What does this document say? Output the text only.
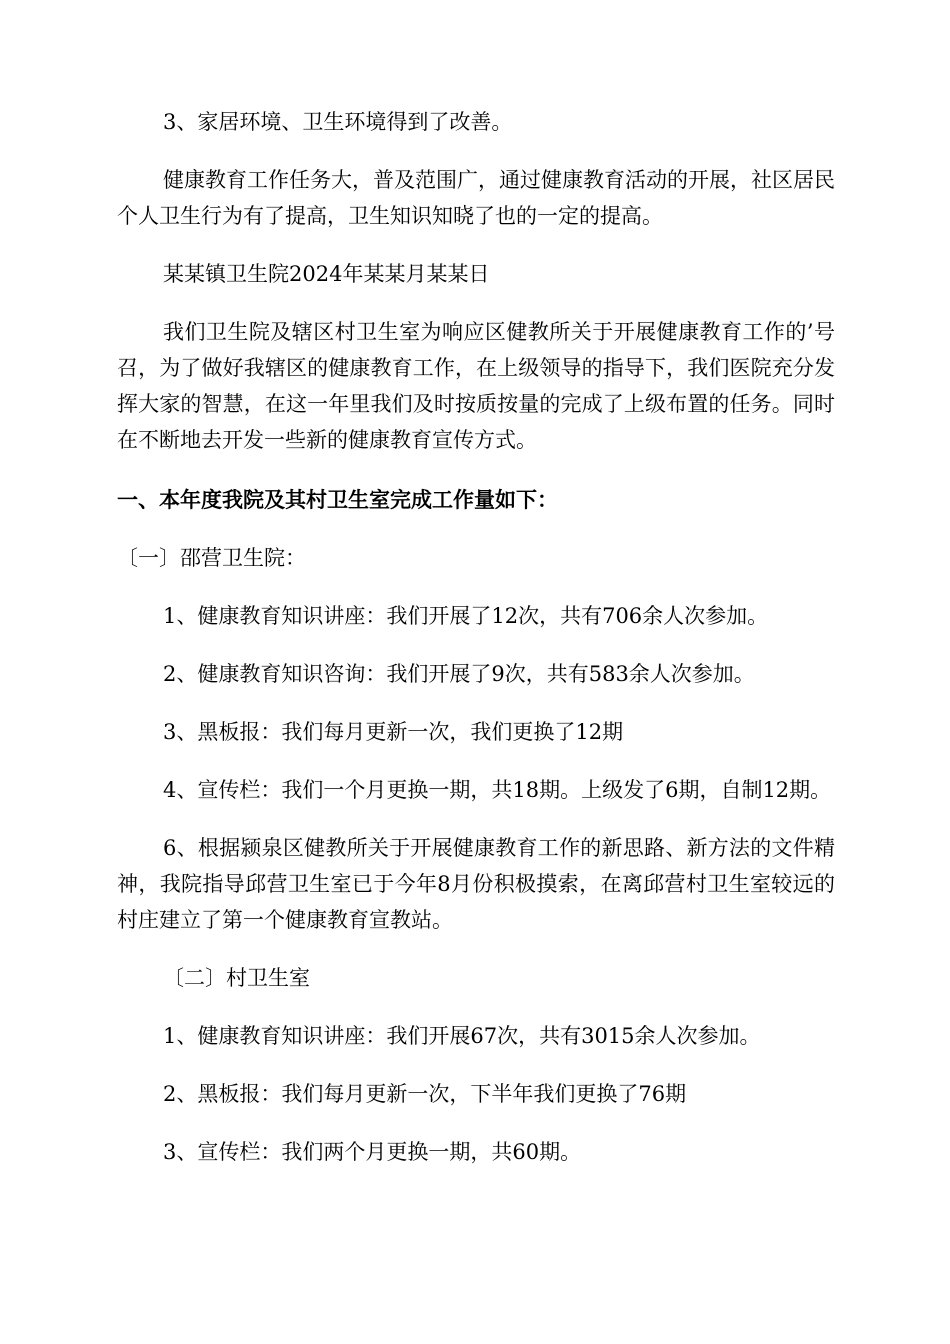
3、家居环境、卫生环境得到了改善。

健康教育工作任务大，普及范围广，通过健康教育活动的开展，社区居民个人卫生行为有了提高，卫生知识知晓了也的一定的提高。

某某镇卫生院2024年某某月某某日

我们卫生院及辖区村卫生室为响应区健教所关于开展健康教育工作的’号召，为了做好我辖区的健康教育工作，在上级领导的指导下，我们医院充分发挥大家的智慧，在这一年里我们及时按质按量的完成了上级布置的任务。同时在不断地去开发一些新的健康教育宣传方式。

一、本年度我院及其村卫生室完成工作量如下：

〔一〕邵营卫生院：

1、健康教育知识讲座：我们开展了12次，共有706余人次参加。

2、健康教育知识咨询：我们开展了9次，共有583余人次参加。

3、黑板报：我们每月更新一次，我们更换了12期

4、宣传栏：我们一个月更换一期，共18期。上级发了6期，自制12期。

6、根据颍泉区健教所关于开展健康教育工作的新思路、新方法的文件精神，我院指导邱营卫生室已于今年8月份积极摸索，在离邱营村卫生室较远的村庄建立了第一个健康教育宣教站。

〔二〕村卫生室

1、健康教育知识讲座：我们开展67次，共有3015余人次参加。

2、黑板报：我们每月更新一次，下半年我们更换了76期

3、宣传栏：我们两个月更换一期，共60期。
